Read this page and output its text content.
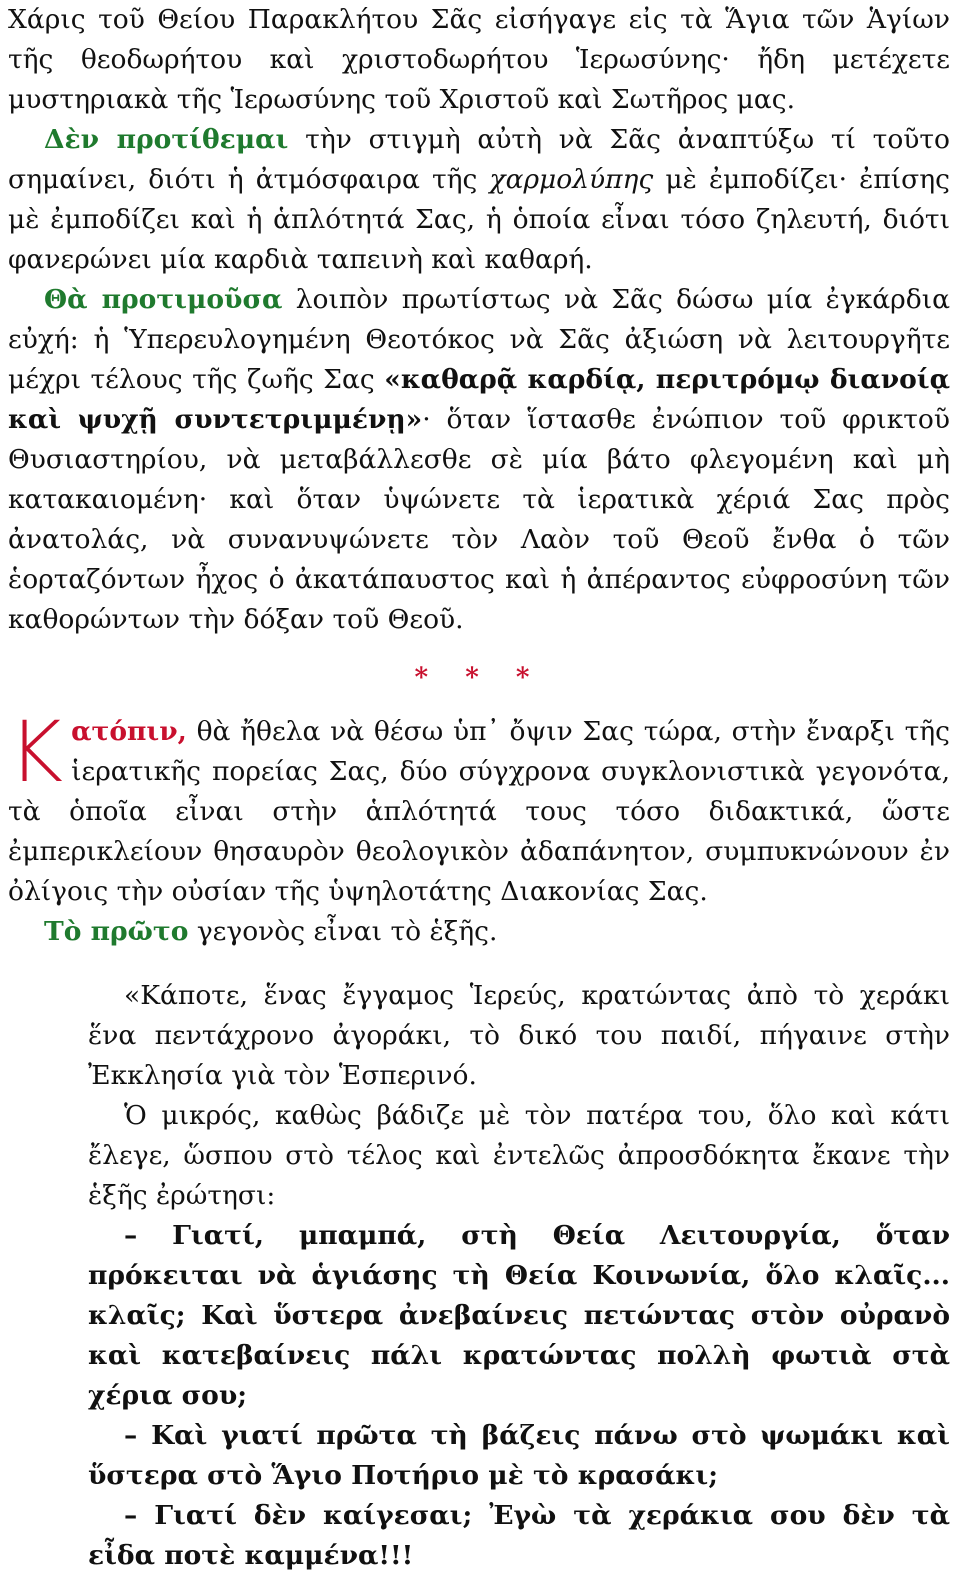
Χάρις τοῦ Θείου Παρακλήτου Σᾶς εἰσήγαγε εἰς τὰ Ἅγια τῶν Ἁγίων τῆς θεοδωρήτου καὶ χριστοδωρήτου Ἱερωσύνης· ἤδη μετέχετε μυστηριακὰ τῆς Ἱερωσύνης τοῦ Χριστοῦ καὶ Σωτῆρος μας.

Δὲν προτίθεμαι τὴν στιγμὴ αὐτὴ νὰ Σᾶς ἀναπτύξω τί τοῦτο σημαίνει, διότι ἡ ἀτμόσφαιρα τῆς χαρμολύπης μὲ ἐμποδίζει· ἐπίσης μὲ ἐμποδίζει καὶ ἡ ἁπλότητά Σας, ἡ ὁποία εἶναι τόσο ζηλευτή, διότι φανερώνει μία καρδιὰ ταπεινὴ καὶ καθαρή.

Θὰ προτιμοῦσα λοιπὸν πρωτίστως νὰ Σᾶς δώσω μία ἐγκάρδια εὐχή: ἡ Ὑπερευλογημένη Θεοτόκος νὰ Σᾶς ἀξιώση νὰ λειτουργῆτε μέχρι τέλους τῆς ζωῆς Σας «καθαρᾷ καρδίᾳ, περιτρόμῳ διανοίᾳ καὶ ψυχῇ συντετριμμένῃ»· ὅταν ἵστασθε ἐνώπιον τοῦ φρικτοῦ Θυσιαστηρίου, νὰ μεταβάλλεσθε σὲ μία βάτο φλεγομένη καὶ μὴ κατακαιομένη· καὶ ὅταν ὑψώνετε τὰ ἱερατικὰ χέριά Σας πρὸς ἀνατολάς, νὰ συνανυψώνετε τὸν Λαὸν τοῦ Θεοῦ ἔνθα ὁ τῶν ἑορταζόντων ἦχος ὁ ἀκατάπαυστος καὶ ἡ ἀπέραντος εὐφροσύνη τῶν καθορώντων τὴν δόξαν τοῦ Θεοῦ.

* * *

Κατόπιν, θὰ ἤθελα νὰ θέσω ὑπ᾽ ὄψιν Σας τώρα, στὴν ἔναρξι τῆς ἱερατικῆς πορείας Σας, δύο σύγχρονα συγκλονιστικὰ γεγονότα, τὰ ὁποῖα εἶναι στὴν ἁπλότητά τους τόσο διδακτικά, ὥστε ἐμπερικλείουν θησαυρὸν θεολογικὸν ἀδαπάνητον, συμπυκνώνουν ἐν ὀλίγοις τὴν οὐσίαν τῆς ὑψηλοτάτης Διακονίας Σας.

Τὸ πρῶτο γεγονὸς εἶναι τὸ ἑξῆς.

«Κάποτε, ἕνας ἔγγαμος Ἱερεύς, κρατώντας ἀπὸ τὸ χεράκι ἕνα πεντάχρονο ἀγοράκι, τὸ δικό του παιδί, πήγαινε στὴν Ἐκκλησία γιὰ τὸν Ἑσπερινό.

Ὁ μικρός, καθὼς βάδιζε μὲ τὸν πατέρα του, ὅλο καὶ κάτι ἔλεγε, ὥσπου στὸ τέλος καὶ ἐντελῶς ἀπροσδόκητα ἔκανε τὴν ἑξῆς ἐρώτησι:

– Γιατί, μπαμπά, στὴ Θεία Λειτουργία, ὅταν πρόκειται νὰ ἁγιάσης τὴ Θεία Κοινωνία, ὅλο κλαῖς... κλαῖς; Καὶ ὕστερα ἀνεβαίνεις πετώντας στὸν οὐρανὸ καὶ κατεβαίνεις πάλι κρατώντας πολλὴ φωτιὰ στὰ χέρια σου;

– Καὶ γιατί πρῶτα τὴ βάζεις πάνω στὸ ψωμάκι καὶ ὕστερα στὸ Ἅγιο Ποτήριο μὲ τὸ κρασάκι;

– Γιατί δὲν καίγεσαι; Ἐγὼ τὰ χεράκια σου δὲν τὰ εἶδα ποτὲ καμμένα!!!
